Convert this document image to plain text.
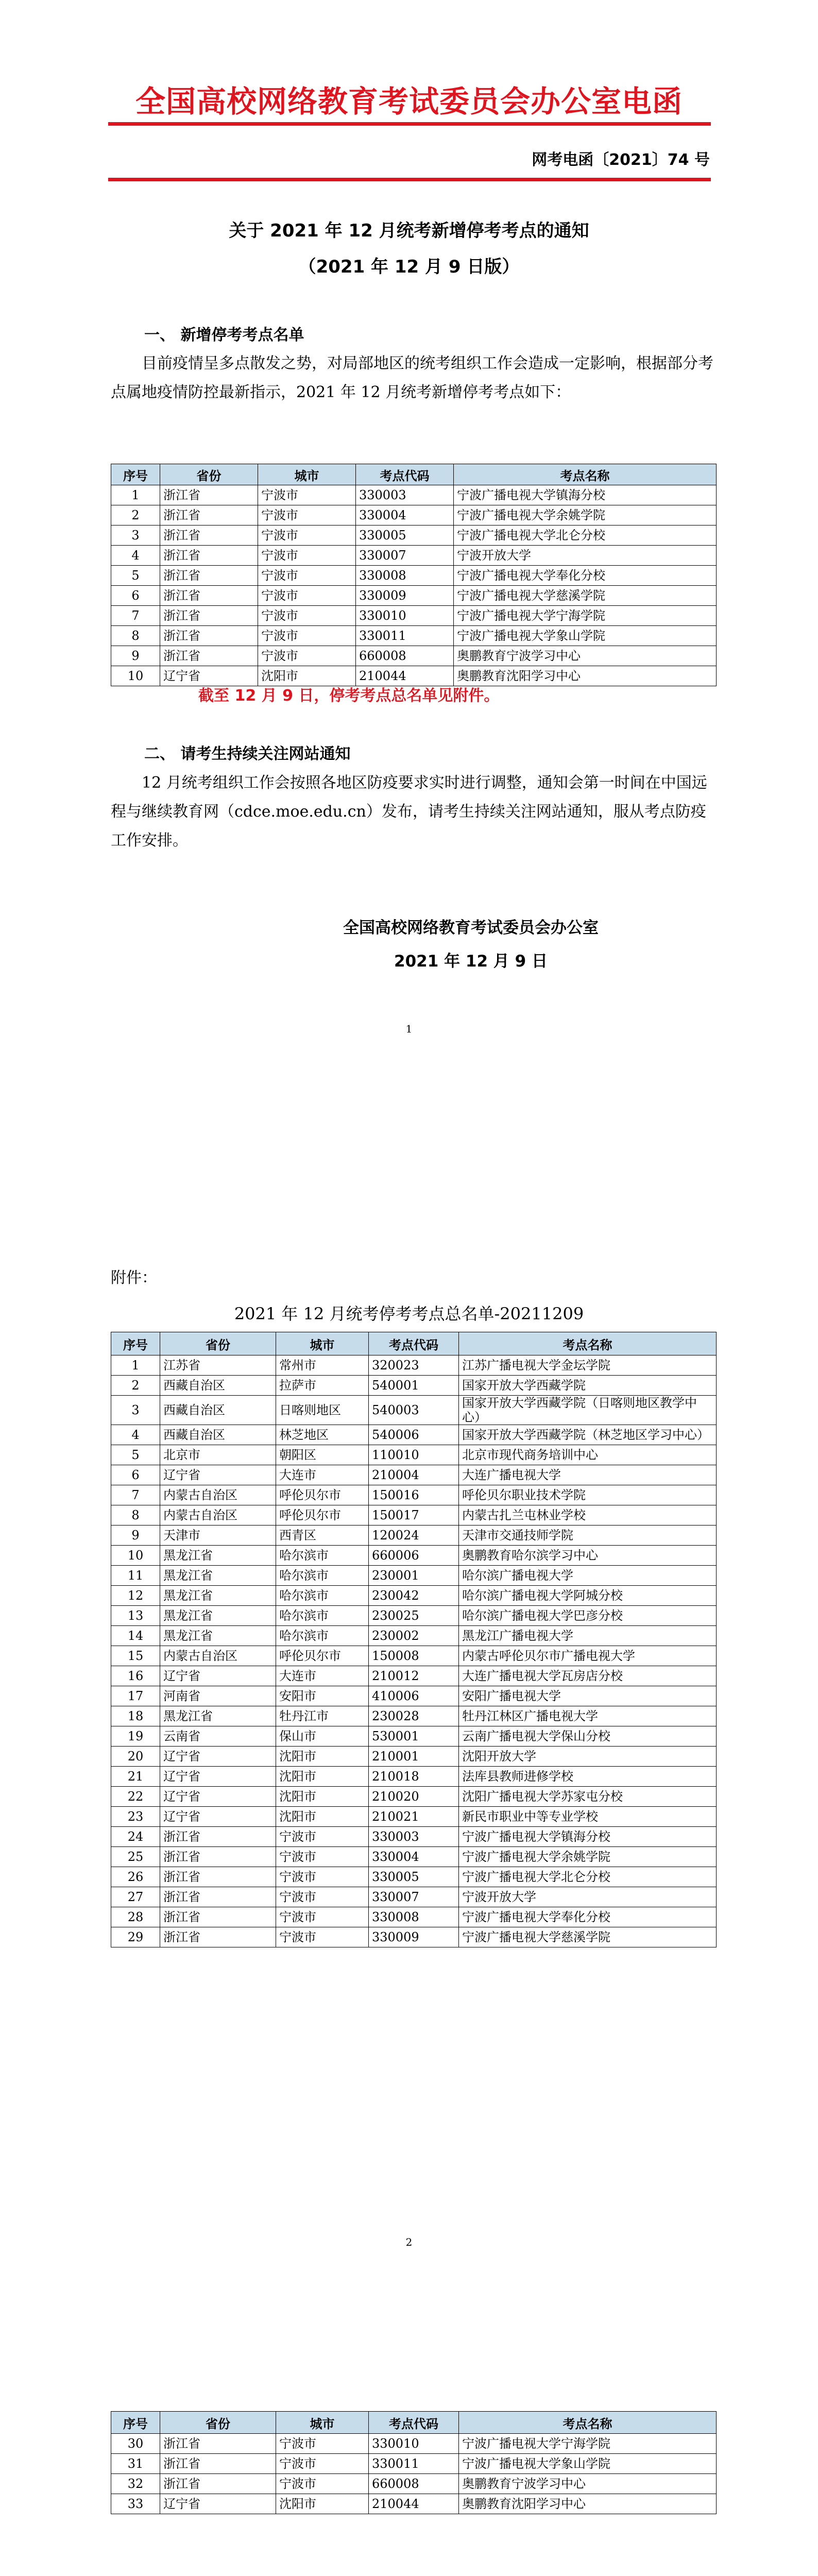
全国高校网络教育考试委员会办公室电函
网考电函〔2021〕74 号
关于 2021 年 12 月统考新增停考考点的通知
（2021 年 12 月 9 日版）
一、 新增停考考点名单
目前疫情呈多点散发之势，对局部地区的统考组织工作会造成一定影响，根据部分考点属地疫情防控最新指示，2021 年 12 月统考新增停考考点如下：
序号	省份	城市	考点代码	考点名称
1	浙江省	宁波市	330003	宁波广播电视大学镇海分校
2	浙江省	宁波市	330004	宁波广播电视大学余姚学院
3	浙江省	宁波市	330005	宁波广播电视大学北仑分校
4	浙江省	宁波市	330007	宁波开放大学
5	浙江省	宁波市	330008	宁波广播电视大学奉化分校
6	浙江省	宁波市	330009	宁波广播电视大学慈溪学院
7	浙江省	宁波市	330010	宁波广播电视大学宁海学院
8	浙江省	宁波市	330011	宁波广播电视大学象山学院
9	浙江省	宁波市	660008	奥鹏教育宁波学习中心
10	辽宁省	沈阳市	210044	奥鹏教育沈阳学习中心
截至 12 月 9 日，停考考点总名单见附件。
二、 请考生持续关注网站通知
12 月统考组织工作会按照各地区防疫要求实时进行调整，通知会第一时间在中国远程与继续教育网（cdce.moe.edu.cn）发布，请考生持续关注网站通知，服从考点防疫工作安排。
全国高校网络教育考试委员会办公室
2021 年 12 月 9 日
1
附件：
2021 年 12 月统考停考考点总名单-20211209
序号	省份	城市	考点代码	考点名称
1	江苏省	常州市	320023	江苏广播电视大学金坛学院
2	西藏自治区	拉萨市	540001	国家开放大学西藏学院
3	西藏自治区	日喀则地区	540003	国家开放大学西藏学院（日喀则地区教学中心）
4	西藏自治区	林芝地区	540006	国家开放大学西藏学院（林芝地区学习中心）
5	北京市	朝阳区	110010	北京市现代商务培训中心
6	辽宁省	大连市	210004	大连广播电视大学
7	内蒙古自治区	呼伦贝尔市	150016	呼伦贝尔职业技术学院
8	内蒙古自治区	呼伦贝尔市	150017	内蒙古扎兰屯林业学校
9	天津市	西青区	120024	天津市交通技师学院
10	黑龙江省	哈尔滨市	660006	奥鹏教育哈尔滨学习中心
11	黑龙江省	哈尔滨市	230001	哈尔滨广播电视大学
12	黑龙江省	哈尔滨市	230042	哈尔滨广播电视大学阿城分校
13	黑龙江省	哈尔滨市	230025	哈尔滨广播电视大学巴彦分校
14	黑龙江省	哈尔滨市	230002	黑龙江广播电视大学
15	内蒙古自治区	呼伦贝尔市	150008	内蒙古呼伦贝尔市广播电视大学
16	辽宁省	大连市	210012	大连广播电视大学瓦房店分校
17	河南省	安阳市	410006	安阳广播电视大学
18	黑龙江省	牡丹江市	230028	牡丹江林区广播电视大学
19	云南省	保山市	530001	云南广播电视大学保山分校
20	辽宁省	沈阳市	210001	沈阳开放大学
21	辽宁省	沈阳市	210018	法库县教师进修学校
22	辽宁省	沈阳市	210020	沈阳广播电视大学苏家屯分校
23	辽宁省	沈阳市	210021	新民市职业中等专业学校
24	浙江省	宁波市	330003	宁波广播电视大学镇海分校
25	浙江省	宁波市	330004	宁波广播电视大学余姚学院
26	浙江省	宁波市	330005	宁波广播电视大学北仑分校
27	浙江省	宁波市	330007	宁波开放大学
28	浙江省	宁波市	330008	宁波广播电视大学奉化分校
29	浙江省	宁波市	330009	宁波广播电视大学慈溪学院
2
序号	省份	城市	考点代码	考点名称
30	浙江省	宁波市	330010	宁波广播电视大学宁海学院
31	浙江省	宁波市	330011	宁波广播电视大学象山学院
32	浙江省	宁波市	660008	奥鹏教育宁波学习中心
33	辽宁省	沈阳市	210044	奥鹏教育沈阳学习中心
